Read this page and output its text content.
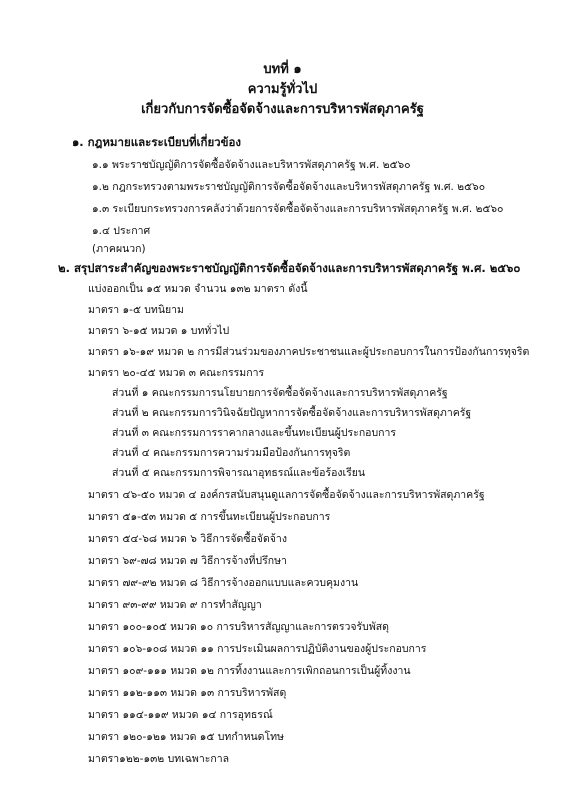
บทที่ ๑
ความรู้ทั่วไป
เกี่ยวกับการจัดซื้อจัดจ้างและการบริหารพัสดุภาครัฐ
๑. กฎหมายและระเบียบที่เกี่ยวข้อง
๑.๑ พระราชบัญญัติการจัดซื้อจัดจ้างและบริหารพัสดุภาครัฐ พ.ศ. ๒๕๖๐
๑.๒ กฎกระทรวงตามพระราชบัญญัติการจัดซื้อจัดจ้างและบริหารพัสดุภาครัฐ พ.ศ. ๒๕๖๐
๑.๓ ระเบียบกระทรวงการคลังว่าด้วยการจัดซื้อจัดจ้างและการบริหารพัสดุภาครัฐ พ.ศ. ๒๕๖๐
๑.๔ ประกาศ
(ภาคผนวก)
๒. สรุปสาระสำคัญของพระราชบัญญัติการจัดซื้อจัดจ้างและการบริหารพัสดุภาครัฐ พ.ศ. ๒๕๖๐
แบ่งออกเป็น ๑๕ หมวด จำนวน ๑๓๒ มาตรา ดังนี้
มาตรา ๑-๕ บทนิยาม
มาตรา ๖-๑๕ หมวด ๑ บททั่วไป
มาตรา ๑๖-๑๙ หมวด ๒ การมีส่วนร่วมของภาคประชาชนและผู้ประกอบการในการป้องกันการทุจริต
มาตรา ๒๐-๔๕ หมวด ๓ คณะกรรมการ
ส่วนที่ ๑ คณะกรรมการนโยบายการจัดซื้อจัดจ้างและการบริหารพัสดุภาครัฐ
ส่วนที่ ๒ คณะกรรมการวินิจฉัยปัญหาการจัดซื้อจัดจ้างและการบริหารพัสดุภาครัฐ
ส่วนที่ ๓ คณะกรรมการราคากลางและขึ้นทะเบียนผู้ประกอบการ
ส่วนที่ ๔ คณะกรรมการความร่วมมือป้องกันการทุจริต
ส่วนที่ ๕ คณะกรรมการพิจารณาอุทธรณ์และข้อร้องเรียน
มาตรา ๔๖-๕๐ หมวด ๔ องค์กรสนับสนุนดูแลการจัดซื้อจัดจ้างและการบริหารพัสดุภาครัฐ
มาตรา ๕๑-๕๓ หมวด ๕ การขึ้นทะเบียนผู้ประกอบการ
มาตรา ๕๔-๖๘ หมวด ๖ วิธีการจัดซื้อจัดจ้าง
มาตรา ๖๙-๗๘ หมวด ๗ วิธีการจ้างที่ปรึกษา
มาตรา ๗๙-๙๒ หมวด ๘ วิธีการจ้างออกแบบและควบคุมงาน
มาตรา ๙๓-๙๙ หมวด ๙ การทำสัญญา
มาตรา ๑๐๐-๑๐๕ หมวด ๑๐ การบริหารสัญญาและการตรวจรับพัสดุ
มาตรา ๑๐๖-๑๐๘ หมวด ๑๑ การประเมินผลการปฏิบัติงานของผู้ประกอบการ
มาตรา ๑๐๙-๑๑๑ หมวด ๑๒ การทิ้งงานและการเพิกถอนการเป็นผู้ทิ้งงาน
มาตรา ๑๑๒-๑๑๓ หมวด ๑๓ การบริหารพัสดุ
มาตรา ๑๑๔-๑๑๙ หมวด ๑๔ การอุทธรณ์
มาตรา ๑๒๐-๑๒๑ หมวด ๑๕ บทกำหนดโทษ
มาตรา๑๒๒-๑๓๒ บทเฉพาะกาล
